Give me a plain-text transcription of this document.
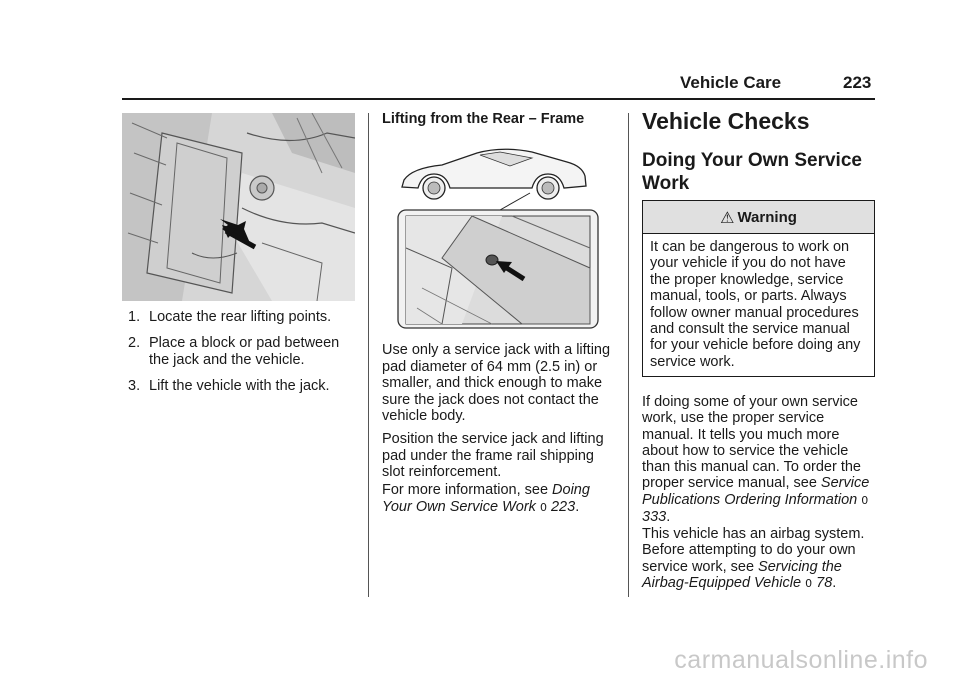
Vehicle Care	223
1. Locate the rear lifting points.
2. Place a block or pad between the jack and the vehicle.
3. Lift the vehicle with the jack.
Lifting from the Rear – Frame
Use only a service jack with a lifting pad diameter of 64 mm (2.5 in) or smaller, and thick enough to make sure the jack does not contact the vehicle body.
Position the service jack and lifting pad under the frame rail shipping slot reinforcement.
For more information, see Doing Your Own Service Work 0 223.
Vehicle Checks
Doing Your Own Service Work
⚠ Warning
It can be dangerous to work on your vehicle if you do not have the proper knowledge, service manual, tools, or parts. Always follow owner manual procedures and consult the service manual for your vehicle before doing any service work.
If doing some of your own service work, use the proper service manual. It tells you much more about how to service the vehicle than this manual can. To order the proper service manual, see Service Publications Ordering Information 0 333.
This vehicle has an airbag system. Before attempting to do your own service work, see Servicing the Airbag-Equipped Vehicle 0 78.
carmanualsonline.info
